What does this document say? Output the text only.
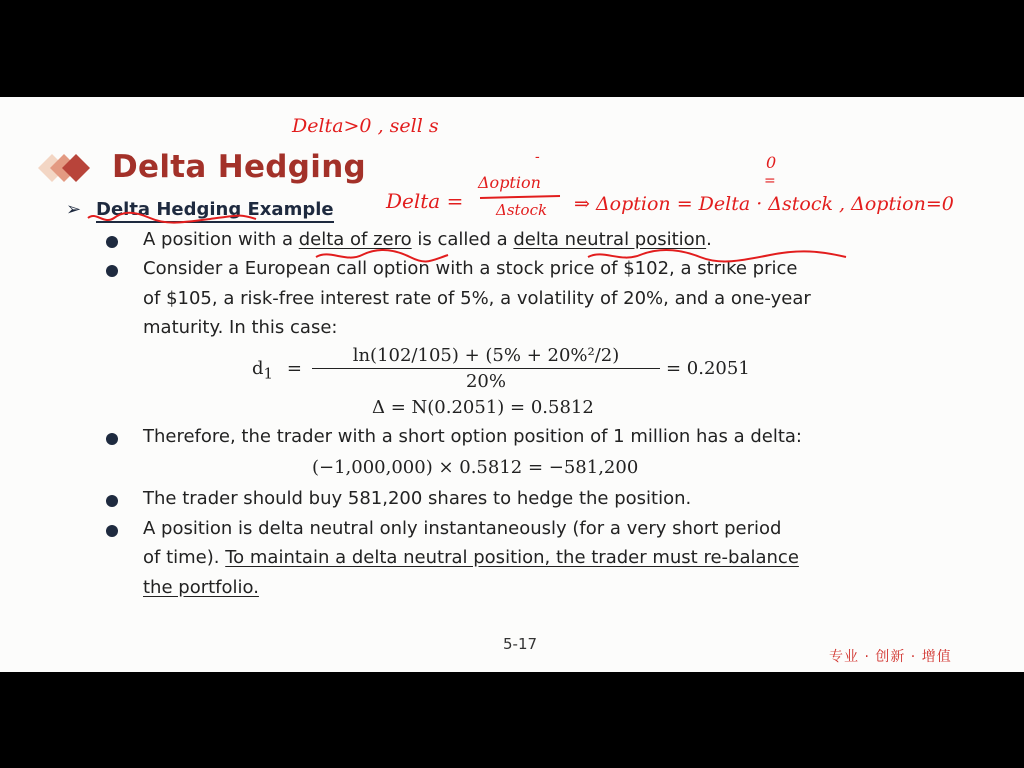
Delta Hedging
➢ Delta Hedging Example
A position with a delta of zero is called a delta neutral position.
Consider a European call option with a stock price of $102, a strike price
of $105, a risk-free interest rate of 5%, a volatility of 20%, and a one-year
maturity. In this case:
$d_1 = \frac{\text{ln(102/105) + (5\% + 20\%²/2)}}{20\%} = 0.2051$
Δ = N(0.2051) = 0.5812
Therefore, the trader with a short option position of 1 million has a delta:
(−1,000,000) × 0.5812 = −581,200
The trader should buy 581,200 shares to hedge the position.
A position is delta neutral only instantaneously (for a very short period
of time). To maintain a delta neutral position, the trader must re-balance
the portfolio.
5-17
专业 · 创新 · 增值
Delta>0 , sell s
-	0
=
Delta =
Δoption
Δstock ⇒ Δoption = Delta · Δstock , Δoption=0
